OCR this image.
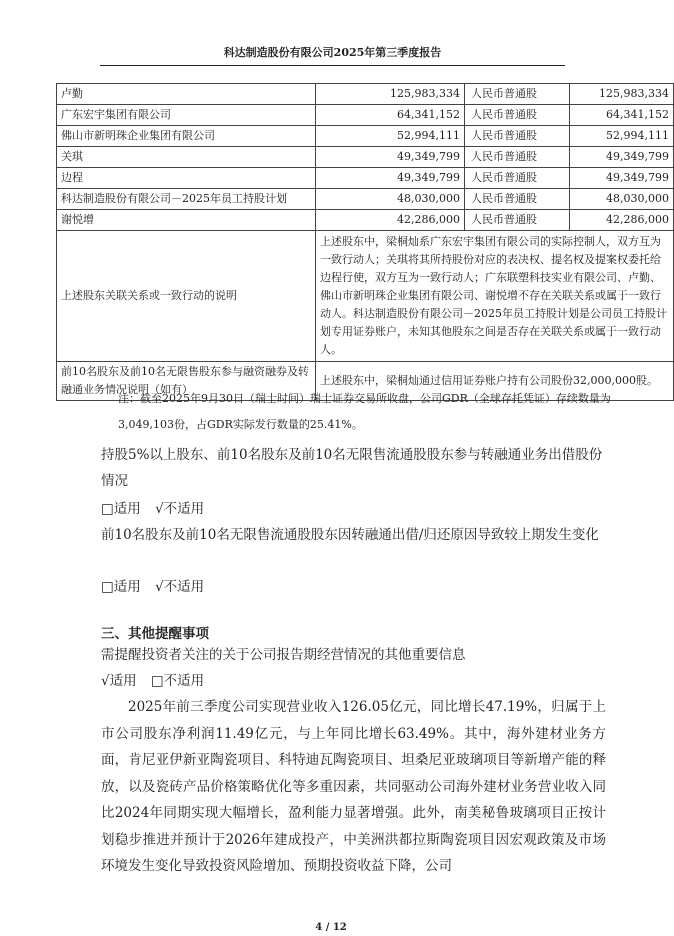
科达制造股份有限公司2025年第三季度报告
卢勤	125,983,334	人民币普通股	125,983,334
广东宏宇集团有限公司	64,341,152	人民币普通股	64,341,152
佛山市新明珠企业集团有限公司	52,994,111	人民币普通股	52,994,111
关琪	49,349,799	人民币普通股	49,349,799
边程	49,349,799	人民币普通股	49,349,799
科达制造股份有限公司－2025年员工持股计划	48,030,000	人民币普通股	48,030,000
谢悦增	42,286,000	人民币普通股	42,286,000
上述股东关联关系或一致行动的说明	上述股东中，梁桐灿系广东宏宇集团有限公司的实际控制人，双方互为一致行动人；关琪将其所持股份对应的表决权、提名权及提案权委托给边程行使，双方互为一致行动人；广东联塑科技实业有限公司、卢勤、佛山市新明珠企业集团有限公司、谢悦增不存在关联关系或属于一致行动人。科达制造股份有限公司－2025年员工持股计划是公司员工持股计划专用证券账户，未知其他股东之间是否存在关联关系或属于一致行动人。		
前10名股东及前10名无限售股东参与融资融券及转融通业务情况说明（如有）	上述股东中，梁桐灿通过信用证券账户持有公司股份32,000,000股。		
注：截至2025年9月30日（瑞士时间）瑞士证券交易所收盘，公司GDR（全球存托凭证）存续数量为3,049,103份，占GDR实际发行数量的25.41%。
持股5%以上股东、前10名股东及前10名无限售流通股股东参与转融通业务出借股份情况
□适用 √不适用
前10名股东及前10名无限售流通股股东因转融通出借/归还原因导致较上期发生变化
□适用 √不适用
三、其他提醒事项
需提醒投资者关注的关于公司报告期经营情况的其他重要信息
√适用 □不适用
2025年前三季度公司实现营业收入126.05亿元，同比增长47.19%，归属于上市公司股东净利润11.49亿元，与上年同比增长63.49%。其中，海外建材业务方面，肯尼亚伊新亚陶瓷项目、科特迪瓦陶瓷项目、坦桑尼亚玻璃项目等新增产能的释放，以及瓷砖产品价格策略优化等多重因素，共同驱动公司海外建材业务营业收入同比2024年同期实现大幅增长，盈利能力显著增强。此外，南美秘鲁玻璃项目正按计划稳步推进并预计于2026年建成投产，中美洲洪都拉斯陶瓷项目因宏观政策及市场环境发生变化导致投资风险增加、预期投资收益下降，公司
4 / 12
